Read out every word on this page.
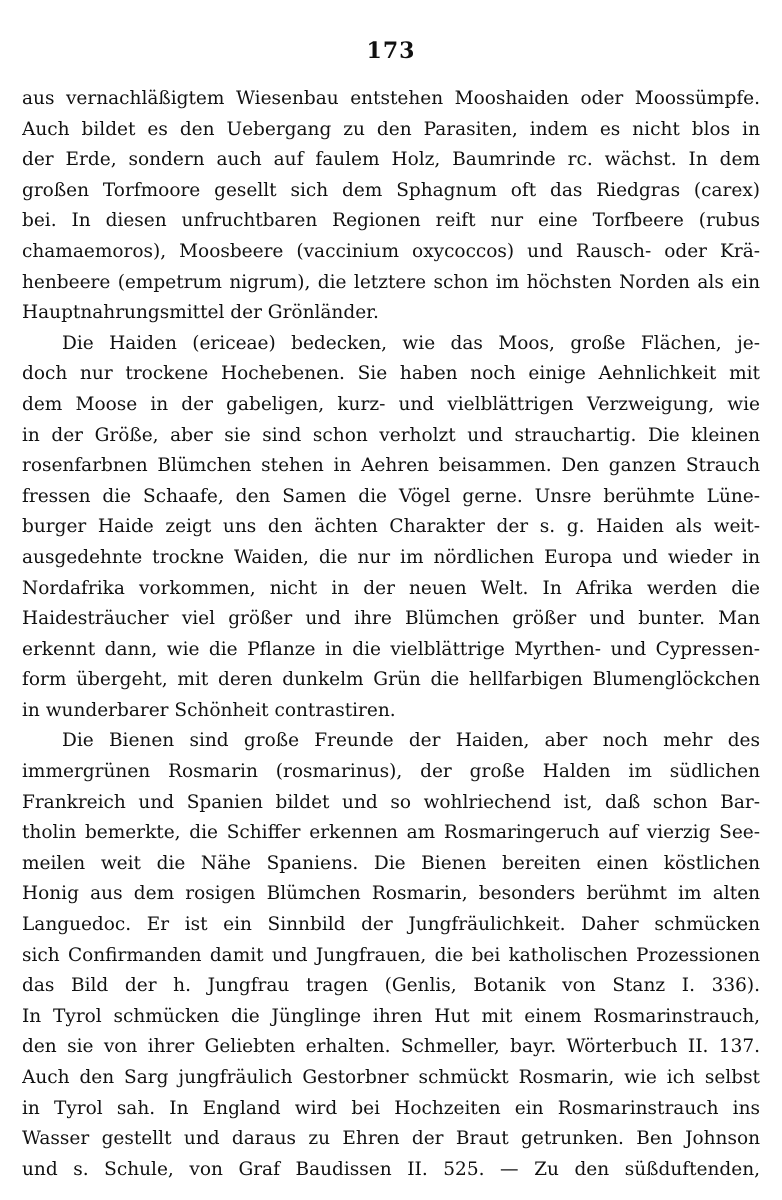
173
aus vernachläßigtem Wiesenbau entstehen Mooshaiden oder Moossümpfe.
Auch bildet es den Uebergang zu den Parasiten, indem es nicht blos in
der Erde, sondern auch auf faulem Holz, Baumrinde rc. wächst. In dem
großen Torfmoore gesellt sich dem Sphagnum oft das Riedgras (carex)
bei. In diesen unfruchtbaren Regionen reift nur eine Torfbeere (rubus
chamaemoros), Moosbeere (vaccinium oxycoccos) und Rausch- oder Krä-
henbeere (empetrum nigrum), die letztere schon im höchsten Norden als ein
Hauptnahrungsmittel der Grönländer.
Die Haiden (ericeae) bedecken, wie das Moos, große Flächen, je-
doch nur trockene Hochebenen. Sie haben noch einige Aehnlichkeit mit
dem Moose in der gabeligen, kurz- und vielblättrigen Verzweigung, wie
in der Größe, aber sie sind schon verholzt und strauchartig. Die kleinen
rosenfarbnen Blümchen stehen in Aehren beisammen. Den ganzen Strauch
fressen die Schaafe, den Samen die Vögel gerne. Unsre berühmte Lüne-
burger Haide zeigt uns den ächten Charakter der s. g. Haiden als weit-
ausgedehnte trockne Waiden, die nur im nördlichen Europa und wieder in
Nordafrika vorkommen, nicht in der neuen Welt. In Afrika werden die
Haidesträucher viel größer und ihre Blümchen größer und bunter. Man
erkennt dann, wie die Pflanze in die vielblättrige Myrthen- und Cypressen-
form übergeht, mit deren dunkelm Grün die hellfarbigen Blumenglöckchen
in wunderbarer Schönheit contrastiren.
Die Bienen sind große Freunde der Haiden, aber noch mehr des
immergrünen Rosmarin (rosmarinus), der große Halden im südlichen
Frankreich und Spanien bildet und so wohlriechend ist, daß schon Bar-
tholin bemerkte, die Schiffer erkennen am Rosmaringeruch auf vierzig See-
meilen weit die Nähe Spaniens. Die Bienen bereiten einen köstlichen
Honig aus dem rosigen Blümchen Rosmarin, besonders berühmt im alten
Languedoc. Er ist ein Sinnbild der Jungfräulichkeit. Daher schmücken
sich Confirmanden damit und Jungfrauen, die bei katholischen Prozessionen
das Bild der h. Jungfrau tragen (Genlis, Botanik von Stanz I. 336).
In Tyrol schmücken die Jünglinge ihren Hut mit einem Rosmarinstrauch,
den sie von ihrer Geliebten erhalten. Schmeller, bayr. Wörterbuch II. 137.
Auch den Sarg jungfräulich Gestorbner schmückt Rosmarin, wie ich selbst
in Tyrol sah. In England wird bei Hochzeiten ein Rosmarinstrauch ins
Wasser gestellt und daraus zu Ehren der Braut getrunken. Ben Johnson
und s. Schule, von Graf Baudissen II. 525. — Zu den süßduftenden,
